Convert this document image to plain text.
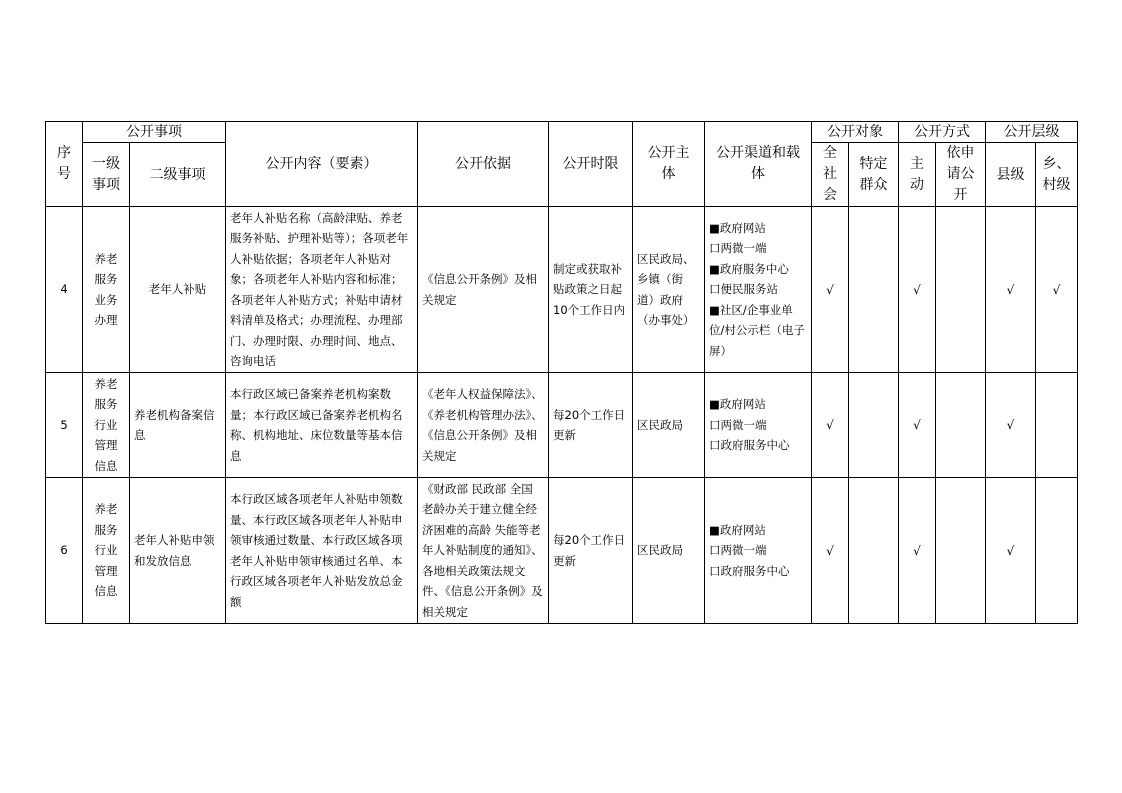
序号	公开事项		公开内容（要素）	公开依据	公开时限	公开主体	公开渠道和载体	公开对象		公开方式		公开层级	

	一级事项	二级事项						全社会	特定群众	主动	依申请公开	县级	乡、村级

4	养老服务业务办理	老年人补贴	老年人补贴名称（高龄津贴、养老服务补贴、护理补贴等）；各项老年人补贴依据；各项老年人补贴对象；各项老年人补贴内容和标准；各项老年人补贴方式；补贴申请材料清单及格式；办理流程、办理部门、办理时限、办理时间、地点、咨询电话	《信息公开条例》及相关规定	制定或获取补贴政策之日起10个工作日内	区民政局、乡镇（街道）政府（办事处）	■政府网站
口两微一端
■政府服务中心
口便民服务站
■社区/企事业单位/村公示栏（电子屏）	√		√		√	√
5	养老服务行业管理信息	养老机构备案信息	本行政区域已备案养老机构案数量；本行政区域已备案养老机构名称、机构地址、床位数量等基本信息	《老年人权益保障法》、《养老机构管理办法》、《信息公开条例》及相关规定	每20个工作日更新	区民政局	■政府网站
口两微一端
口政府服务中心	√		√		√	
6	养老服务行业管理信息	老年人补贴申领和发放信息	本行政区域各项老年人补贴申领数量、本行政区域各项老年人补贴申领审核通过数量、本行政区域各项老年人补贴申领审核通过名单、本行政区域各项老年人补贴发放总金额	《财政部 民政部 全国老龄办关于建立健全经济困难的高龄 失能等老年人补贴制度的通知》、各地相关政策法规文件、《信息公开条例》及相关规定	每20个工作日更新	区民政局	■政府网站
口两微一端
口政府服务中心	√		√		√	
